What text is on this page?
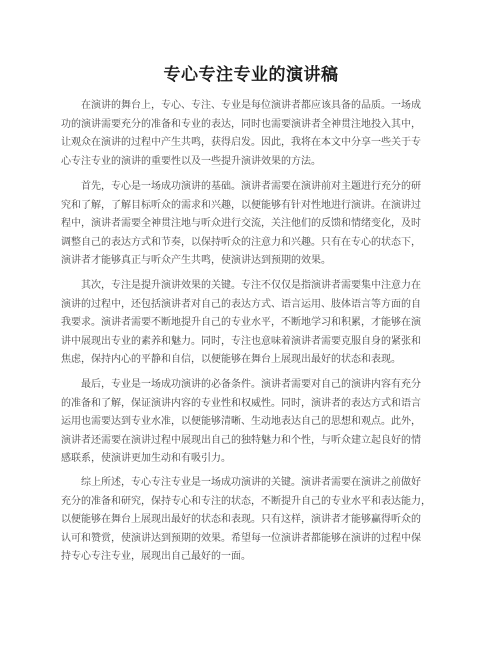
专心专注专业的演讲稿
在演讲的舞台上，专心、专注、专业是每位演讲者都应该具备的品质。一场成
功的演讲需要充分的准备和专业的表达，同时也需要演讲者全神贯注地投入其中，
让观众在演讲的过程中产生共鸣，获得启发。因此，我将在本文中分享一些关于专
心专注专业的演讲的重要性以及一些提升演讲效果的方法。
首先，专心是一场成功演讲的基础。演讲者需要在演讲前对主题进行充分的研
究和了解，了解目标听众的需求和兴趣，以便能够有针对性地进行演讲。在演讲过
程中，演讲者需要全神贯注地与听众进行交流，关注他们的反馈和情绪变化，及时
调整自己的表达方式和节奏，以保持听众的注意力和兴趣。只有在专心的状态下，
演讲者才能够真正与听众产生共鸣，使演讲达到预期的效果。
其次，专注是提升演讲效果的关键。专注不仅仅是指演讲者需要集中注意力在
演讲的过程中，还包括演讲者对自己的表达方式、语言运用、肢体语言等方面的自
我要求。演讲者需要不断地提升自己的专业水平，不断地学习和积累，才能够在演
讲中展现出专业的素养和魅力。同时，专注也意味着演讲者需要克服自身的紧张和
焦虑，保持内心的平静和自信，以便能够在舞台上展现出最好的状态和表现。
最后，专业是一场成功演讲的必备条件。演讲者需要对自己的演讲内容有充分
的准备和了解，保证演讲内容的专业性和权威性。同时，演讲者的表达方式和语言
运用也需要达到专业水准，以便能够清晰、生动地表达自己的思想和观点。此外，
演讲者还需要在演讲过程中展现出自己的独特魅力和个性，与听众建立起良好的情
感联系，使演讲更加生动和有吸引力。
综上所述，专心专注专业是一场成功演讲的关键。演讲者需要在演讲之前做好
充分的准备和研究，保持专心和专注的状态，不断提升自己的专业水平和表达能力，
以便能够在舞台上展现出最好的状态和表现。只有这样，演讲者才能够赢得听众的
认可和赞赏，使演讲达到预期的效果。希望每一位演讲者都能够在演讲的过程中保
持专心专注专业，展现出自己最好的一面。
